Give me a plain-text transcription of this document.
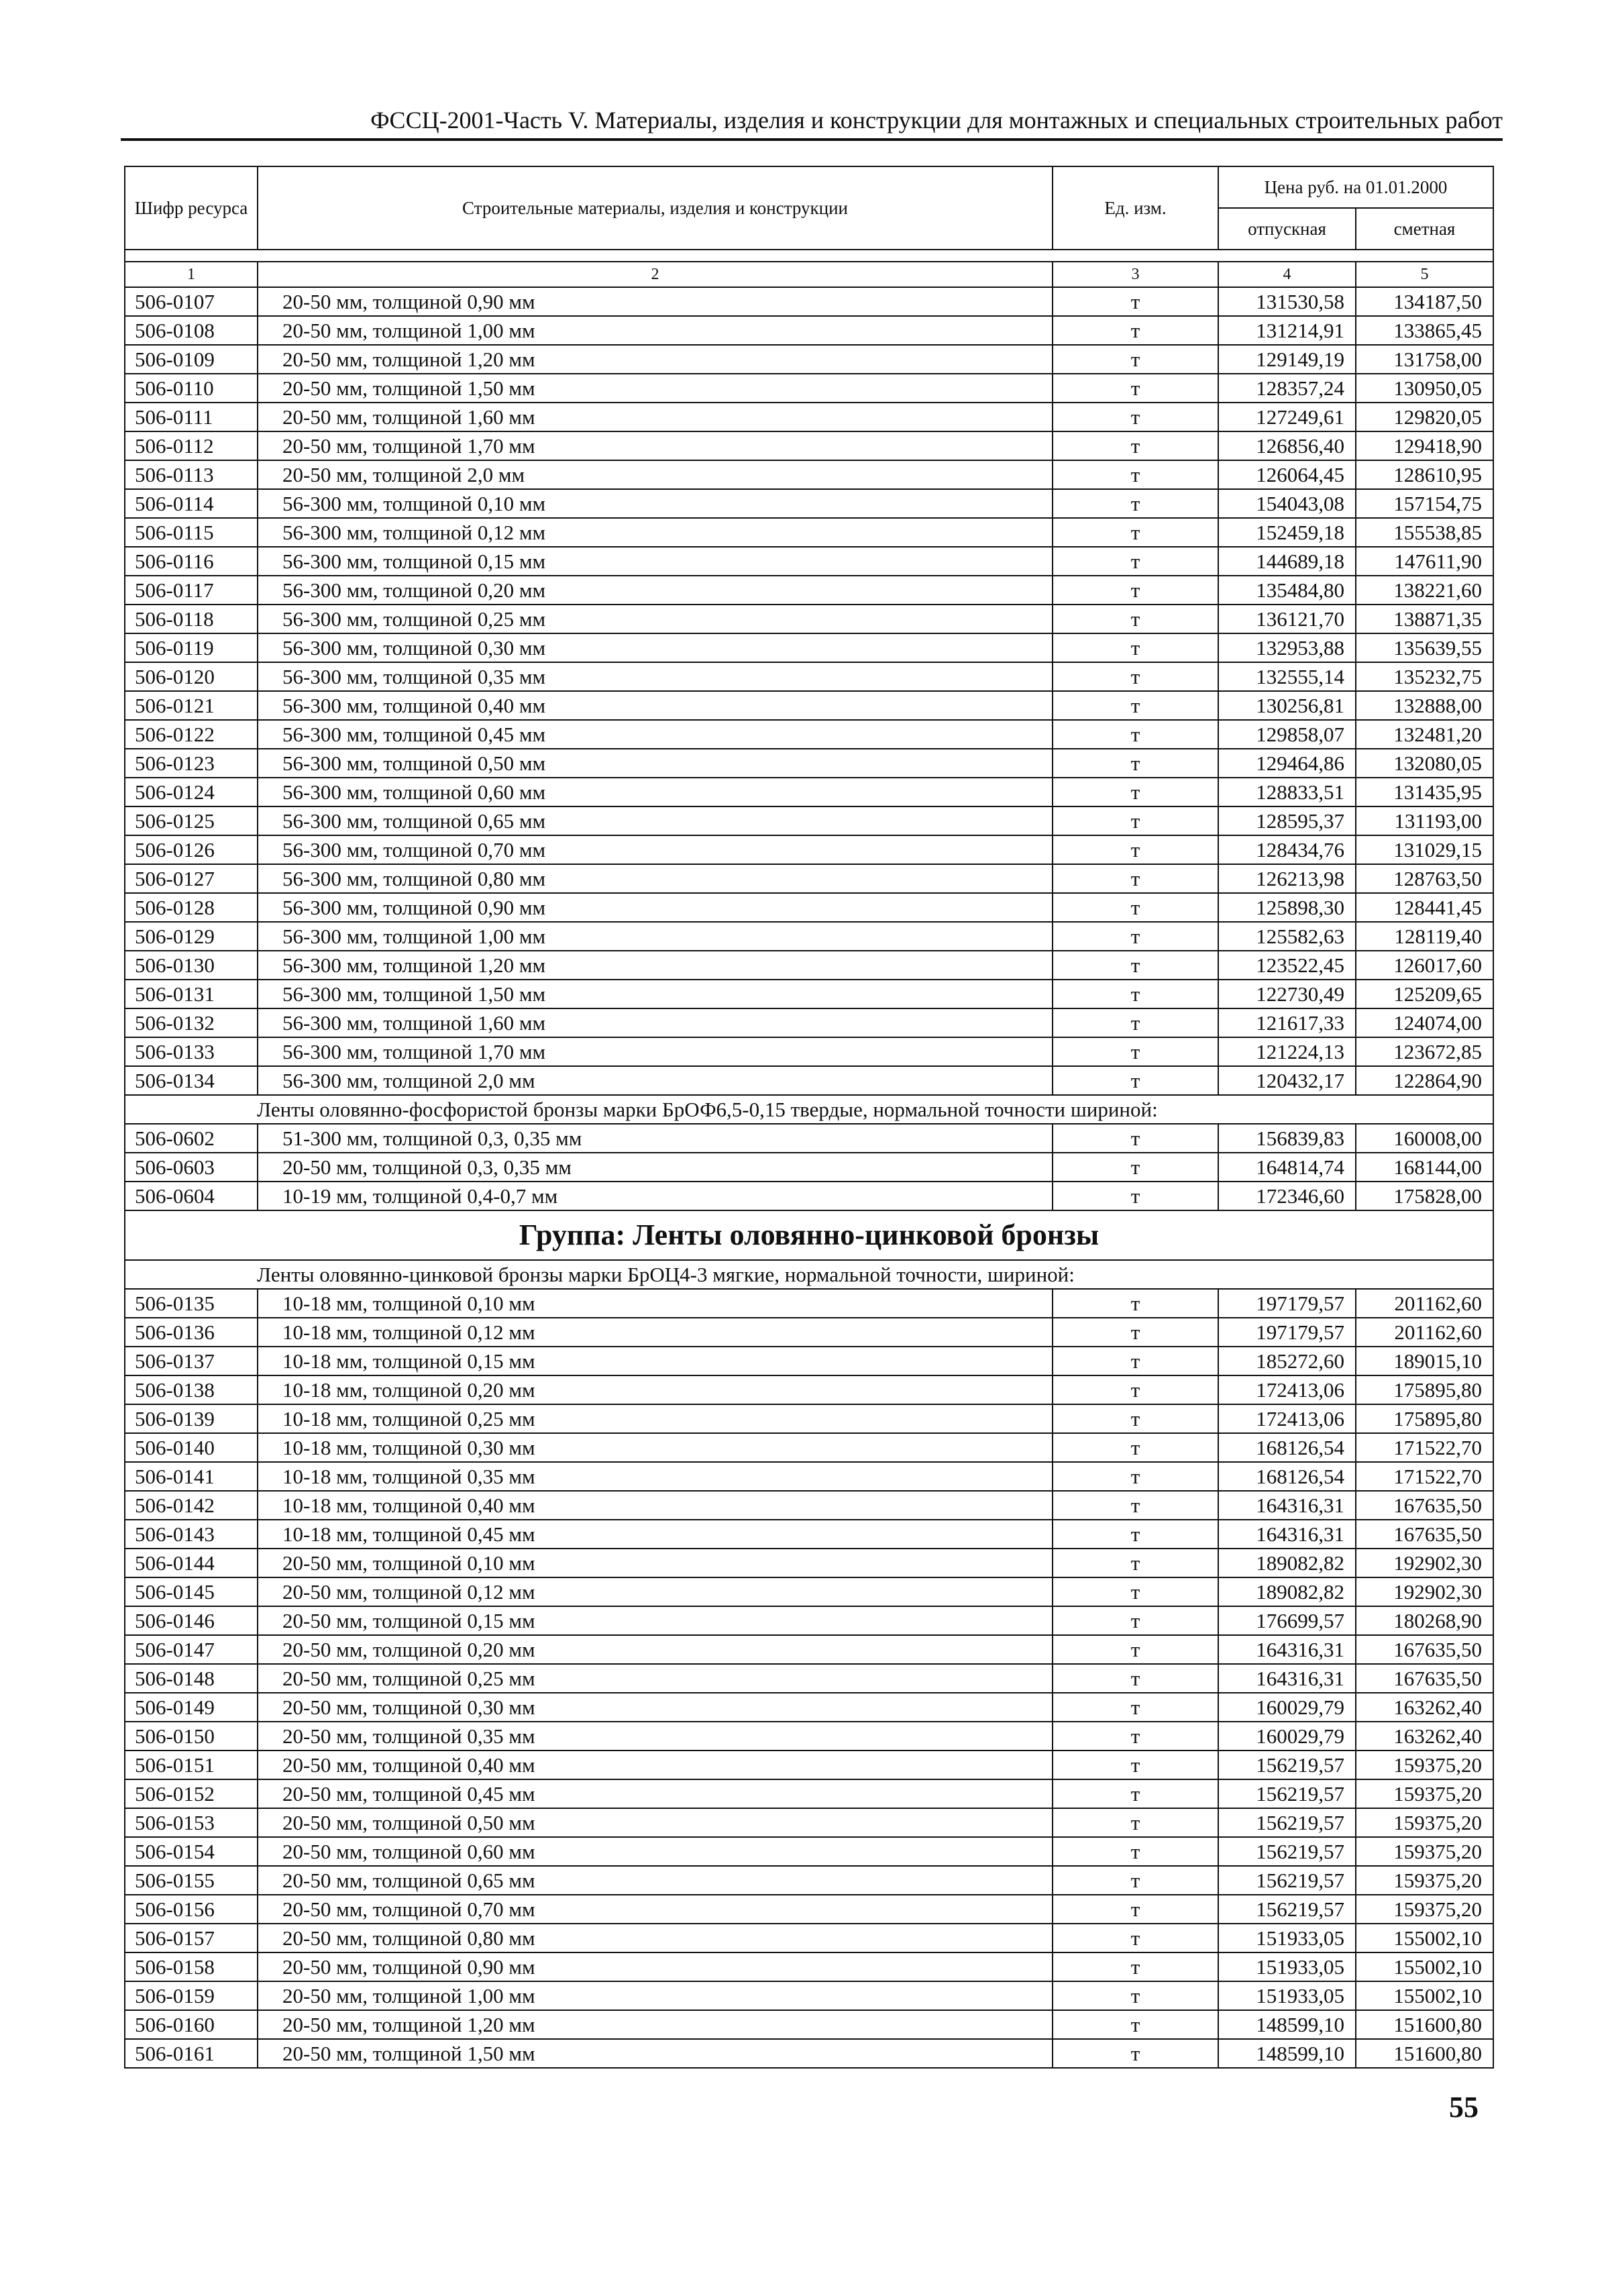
ФССЦ-2001-Часть V. Материалы, изделия и конструкции для монтажных и специальных строительных работ
Шифр ресурса	Строительные материалы, изделия и конструкции	Ед. изм.	Цена руб. на 01.01.2000	
			отпускная	сметная

1	2	3	4	5
506-0107	20-50 мм, толщиной 0,90 мм	т	131530,58	134187,50
506-0108	20-50 мм, толщиной 1,00 мм	т	131214,91	133865,45
506-0109	20-50 мм, толщиной 1,20 мм	т	129149,19	131758,00
506-0110	20-50 мм, толщиной 1,50 мм	т	128357,24	130950,05
506-0111	20-50 мм, толщиной 1,60 мм	т	127249,61	129820,05
506-0112	20-50 мм, толщиной 1,70 мм	т	126856,40	129418,90
506-0113	20-50 мм, толщиной 2,0 мм	т	126064,45	128610,95
506-0114	56-300 мм, толщиной 0,10 мм	т	154043,08	157154,75
506-0115	56-300 мм, толщиной 0,12 мм	т	152459,18	155538,85
506-0116	56-300 мм, толщиной 0,15 мм	т	144689,18	147611,90
506-0117	56-300 мм, толщиной 0,20 мм	т	135484,80	138221,60
506-0118	56-300 мм, толщиной 0,25 мм	т	136121,70	138871,35
506-0119	56-300 мм, толщиной 0,30 мм	т	132953,88	135639,55
506-0120	56-300 мм, толщиной 0,35 мм	т	132555,14	135232,75
506-0121	56-300 мм, толщиной 0,40 мм	т	130256,81	132888,00
506-0122	56-300 мм, толщиной 0,45 мм	т	129858,07	132481,20
506-0123	56-300 мм, толщиной 0,50 мм	т	129464,86	132080,05
506-0124	56-300 мм, толщиной 0,60 мм	т	128833,51	131435,95
506-0125	56-300 мм, толщиной 0,65 мм	т	128595,37	131193,00
506-0126	56-300 мм, толщиной 0,70 мм	т	128434,76	131029,15
506-0127	56-300 мм, толщиной 0,80 мм	т	126213,98	128763,50
506-0128	56-300 мм, толщиной 0,90 мм	т	125898,30	128441,45
506-0129	56-300 мм, толщиной 1,00 мм	т	125582,63	128119,40
506-0130	56-300 мм, толщиной 1,20 мм	т	123522,45	126017,60
506-0131	56-300 мм, толщиной 1,50 мм	т	122730,49	125209,65
506-0132	56-300 мм, толщиной 1,60 мм	т	121617,33	124074,00
506-0133	56-300 мм, толщиной 1,70 мм	т	121224,13	123672,85
506-0134	56-300 мм, толщиной 2,0 мм	т	120432,17	122864,90
Ленты оловянно-фосфористой бронзы марки БрОФ6,5-0,15 твердые, нормальной точности шириной:				
506-0602	51-300 мм, толщиной 0,3, 0,35 мм	т	156839,83	160008,00
506-0603	20-50 мм, толщиной 0,3, 0,35 мм	т	164814,74	168144,00
506-0604	10-19 мм, толщиной 0,4-0,7 мм	т	172346,60	175828,00
Группа: Ленты оловянно-цинковой бронзы				
Ленты оловянно-цинковой бронзы марки БрОЦ4-3 мягкие, нормальной точности, шириной:				
506-0135	10-18 мм, толщиной 0,10 мм	т	197179,57	201162,60
506-0136	10-18 мм, толщиной 0,12 мм	т	197179,57	201162,60
506-0137	10-18 мм, толщиной 0,15 мм	т	185272,60	189015,10
506-0138	10-18 мм, толщиной 0,20 мм	т	172413,06	175895,80
506-0139	10-18 мм, толщиной 0,25 мм	т	172413,06	175895,80
506-0140	10-18 мм, толщиной 0,30 мм	т	168126,54	171522,70
506-0141	10-18 мм, толщиной 0,35 мм	т	168126,54	171522,70
506-0142	10-18 мм, толщиной 0,40 мм	т	164316,31	167635,50
506-0143	10-18 мм, толщиной 0,45 мм	т	164316,31	167635,50
506-0144	20-50 мм, толщиной 0,10 мм	т	189082,82	192902,30
506-0145	20-50 мм, толщиной 0,12 мм	т	189082,82	192902,30
506-0146	20-50 мм, толщиной 0,15 мм	т	176699,57	180268,90
506-0147	20-50 мм, толщиной 0,20 мм	т	164316,31	167635,50
506-0148	20-50 мм, толщиной 0,25 мм	т	164316,31	167635,50
506-0149	20-50 мм, толщиной 0,30 мм	т	160029,79	163262,40
506-0150	20-50 мм, толщиной 0,35 мм	т	160029,79	163262,40
506-0151	20-50 мм, толщиной 0,40 мм	т	156219,57	159375,20
506-0152	20-50 мм, толщиной 0,45 мм	т	156219,57	159375,20
506-0153	20-50 мм, толщиной 0,50 мм	т	156219,57	159375,20
506-0154	20-50 мм, толщиной 0,60 мм	т	156219,57	159375,20
506-0155	20-50 мм, толщиной 0,65 мм	т	156219,57	159375,20
506-0156	20-50 мм, толщиной 0,70 мм	т	156219,57	159375,20
506-0157	20-50 мм, толщиной 0,80 мм	т	151933,05	155002,10
506-0158	20-50 мм, толщиной 0,90 мм	т	151933,05	155002,10
506-0159	20-50 мм, толщиной 1,00 мм	т	151933,05	155002,10
506-0160	20-50 мм, толщиной 1,20 мм	т	148599,10	151600,80
506-0161	20-50 мм, толщиной 1,50 мм	т	148599,10	151600,80
55
